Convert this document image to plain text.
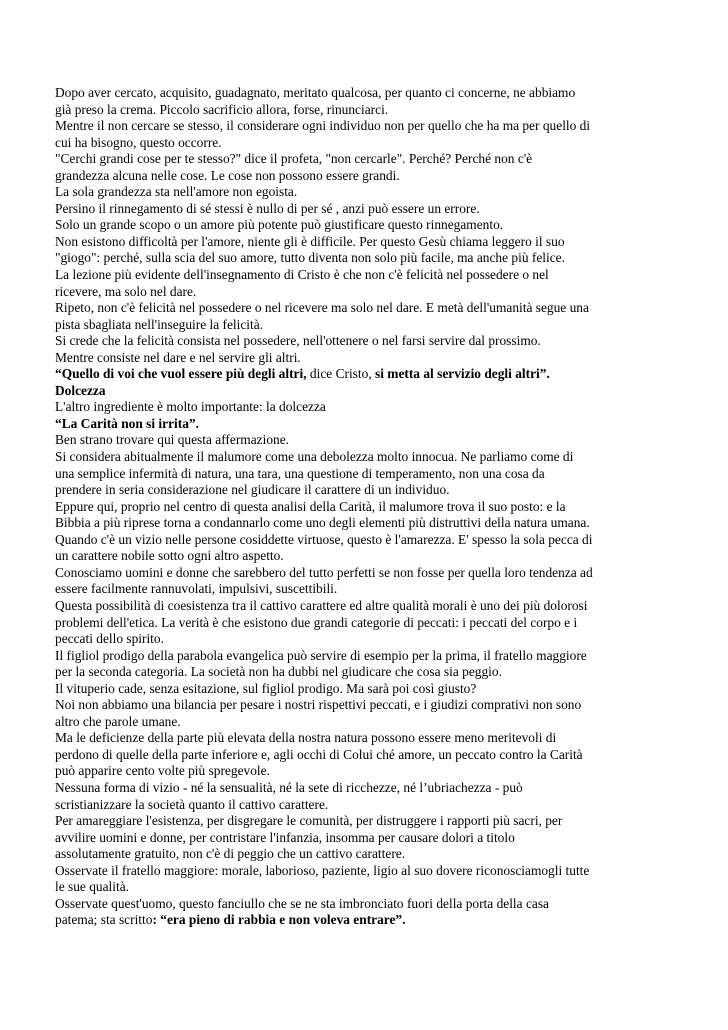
Dopo aver cercato, acquisito, guadagnato, meritato qualcosa, per quanto ci concerne, ne abbiamo
già preso la crema. Piccolo sacrificio allora, forse, rinunciarci.
Mentre il non cercare se stesso, il considerare ogni individuo non per quello che ha ma per quello di
cui ha bisogno, questo occorre.
"Cerchi grandi cose per te stesso?" dice il profeta, "non cercarle". Perché? Perché non c'è
grandezza alcuna nelle cose. Le cose non possono essere grandi.
La sola grandezza sta nell'amore non egoista.
Persino il rinnegamento di sé stessi è nullo di per sé , anzi può essere un errore.
Solo un grande scopo o un amore più potente può giustificare questo rinnegamento.
Non esistono difficoltà per l'amore, niente gli è difficile. Per questo Gesù chiama leggero il suo
"giogo": perché, sulla scia del suo amore, tutto diventa non solo più facile, ma anche più felice.
La lezione più evidente dell'insegnamento di Cristo è che non c'è felicità nel possedere o nel
ricevere, ma solo nel dare.
Ripeto, non c'è felicità nel possedere o nel ricevere ma solo nel dare. E metà dell'umanità segue una
pista sbagliata nell'inseguire la felicità.
Si crede che la felicità consista nel possedere, nell'ottenere o nel farsi servire dal prossimo.
Mentre consiste nel dare e nel servire gli altri.
“Quello di voi che vuol essere più degli altri, dice Cristo, si metta al servizio degli altri”.
Dolcezza
L'altro ingrediente è molto importante: la dolcezza
“La Carità non si irrita”.
Ben strano trovare qui questa affermazione.
Si considera abitualmente il malumore come una debolezza molto innocua. Ne parliamo come di
una semplice infermità di natura, una tara, una questione di temperamento, non una cosa da
prendere in seria considerazione nel giudicare il carattere di un individuo.
Eppure qui, proprio nel centro di questa analisi della Carità, il malumore trova il suo posto: e la
Bibbia a più riprese torna a condannarlo come uno degli elementi più distruttivi della natura umana.
Quando c'è un vizio nelle persone cosiddette virtuose, questo è l'amarezza. E' spesso la sola pecca di
un carattere nobile sotto ogni altro aspetto.
Conosciamo uomini e donne che sarebbero del tutto perfetti se non fosse per quella loro tendenza ad
essere facilmente rannuvolati, impulsivi, suscettibili.
Questa possibilità di coesistenza tra il cattivo carattere ed altre qualità morali è uno dei più dolorosi
problemi dell'etica. La verità è che esistono due grandi categorie di peccati: i peccati del corpo e i
peccati dello spirito.
Il figliol prodigo della parabola evangelica può servire di esempio per la prima, il fratello maggiore
per la seconda categoria. La società non ha dubbi nel giudicare che cosa sia peggio.
Il vituperio cade, senza esitazione, sul figliol prodigo. Ma sarà poi così giusto?
Noi non abbiamo una bilancia per pesare i nostri rispettivi peccati, e i giudizi comprativi non sono
altro che parole umane.
Ma le deficienze della parte più elevata della nostra natura possono essere meno meritevoli di
perdono di quelle della parte inferiore e, agli occhi di Colui ché amore, un peccato contro la Carità
può apparire cento volte più spregevole.
Nessuna forma di vizio - né la sensualità, né la sete di ricchezze, né l’ubriachezza - può
scristianizzare la società quanto il cattivo carattere.
Per amareggiare l'esistenza, per disgregare le comunità, per distruggere i rapporti più sacri, per
avvilire uomini e donne, per contristare l'infanzia, insomma per causare dolori a titolo
assolutamente gratuito, non c'è di peggio che un cattivo carattere.
Osservate il fratello maggiore: morale, laborioso, paziente, ligio al suo dovere riconosciamogli tutte
le sue qualità.
Osservate quest'uomo, questo fanciullo che se ne sta imbronciato fuori della porta della casa
patema; sta scritto: “era pieno di rabbia e non voleva entrare”.
